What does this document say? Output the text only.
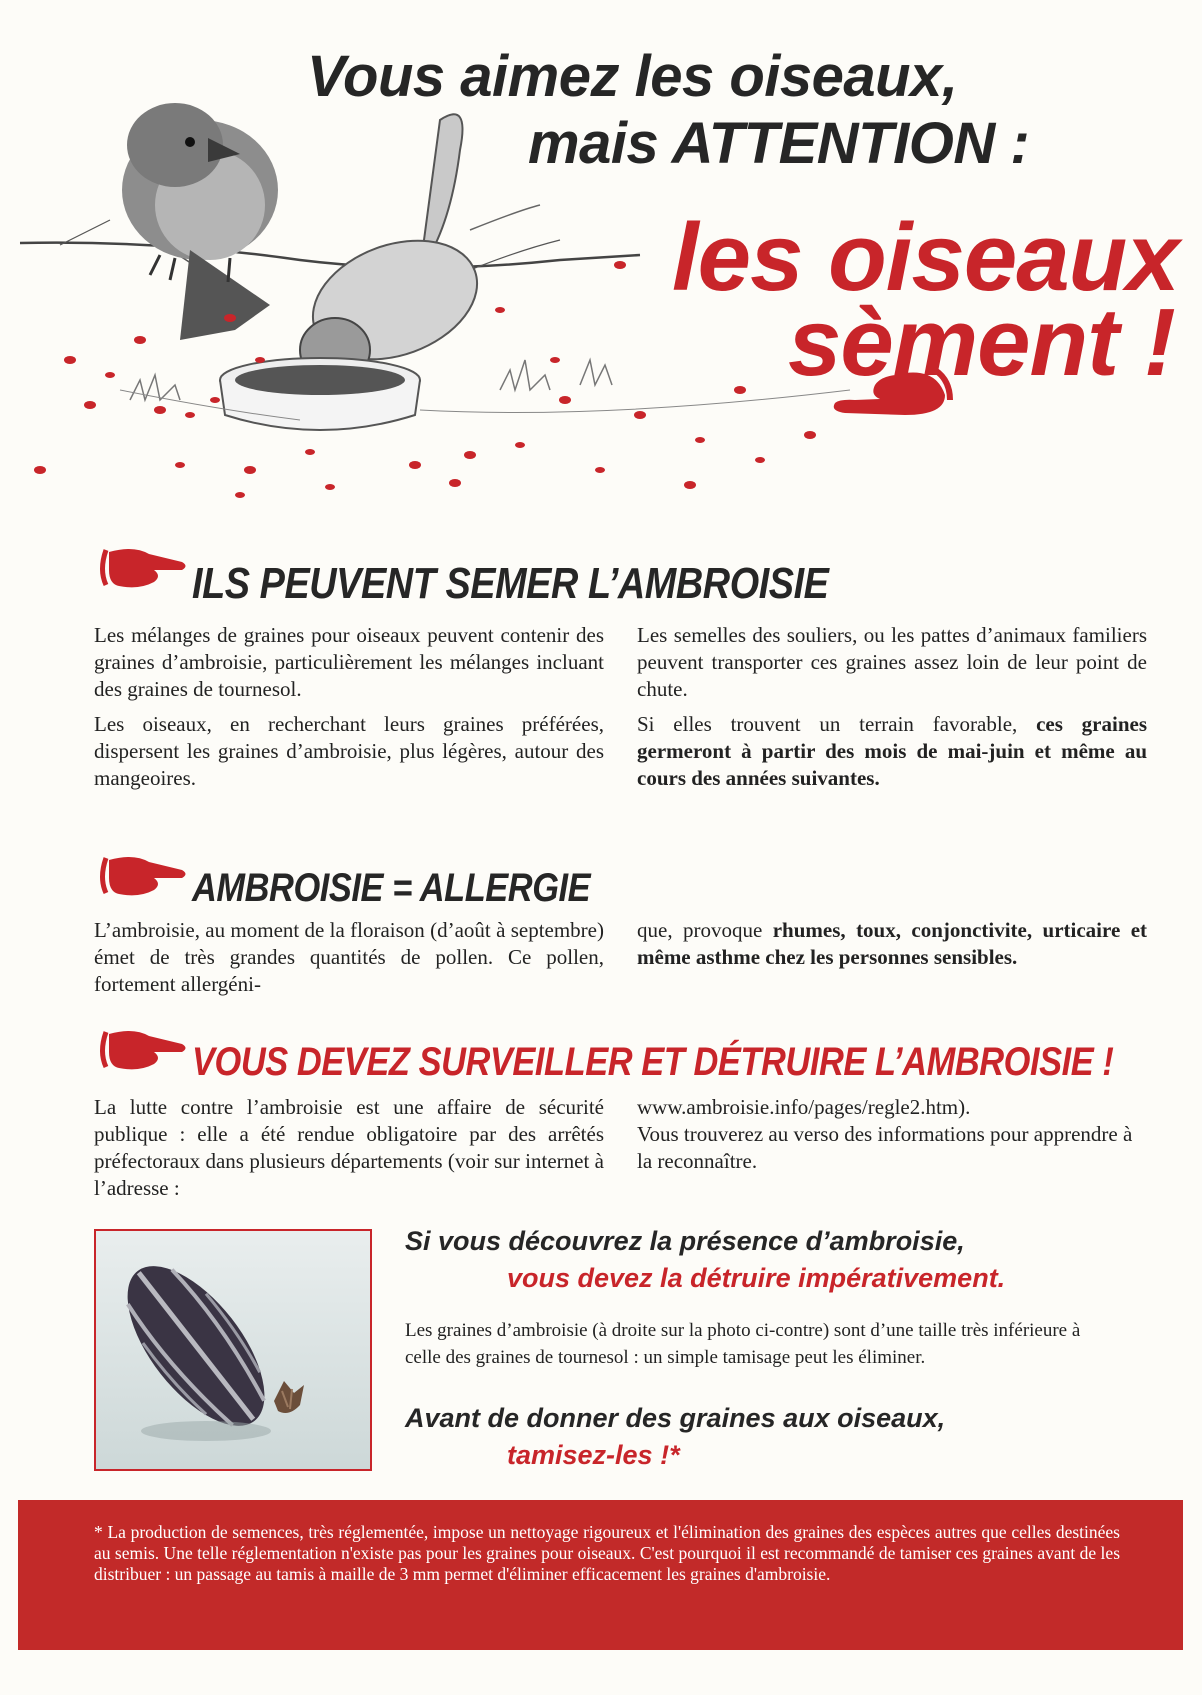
Vous aimez les oiseaux,
mais ATTENTION :
les oiseaux
sèment !
ILS PEUVENT SEMER L’AMBROISIE

Les mélanges de graines pour oiseaux peuvent contenir des graines d’ambroisie, particulièrement les mélanges incluant des graines de tournesol.

Les oiseaux, en recherchant leurs graines préférées, dispersent les graines d’ambroisie, plus légères, autour des mangeoires.

Les semelles des souliers, ou les pattes d’animaux familiers peuvent transporter ces graines assez loin de leur point de chute.

Si elles trouvent un terrain favorable, ces graines germeront à partir des mois de mai-juin et même au cours des années suivantes.

AMBROISIE = ALLERGIE

L’ambroisie, au moment de la floraison (d’août à septembre) émet de très grandes quantités de pollen. Ce pollen, fortement allergéni-

que, provoque rhumes, toux, conjonctivite, urticaire et même asthme chez les personnes sensibles.

VOUS DEVEZ SURVEILLER ET DÉTRUIRE L’AMBROISIE !

La lutte contre l’ambroisie est une affaire de sécurité publique : elle a été rendue obligatoire par des arrêtés préfectoraux dans plusieurs départements (voir sur internet à l’adresse :

www.ambroisie.info/pages/regle2.htm).

Vous trouverez au verso des informations pour apprendre à la reconnaître.

Si vous découvrez la présence d’ambroisie,
vous devez la détruire impérativement.
Les graines d’ambroisie (à droite sur la photo ci-contre) sont d’une taille très inférieure à celle des graines de tournesol : un simple tamisage peut les éliminer.
Avant de donner des graines aux oiseaux,
tamisez-les !*
* La production de semences, très réglementée, impose un nettoyage rigoureux et l'élimination des graines des espèces autres que celles destinées au semis. Une telle réglementation n'existe pas pour les graines pour oiseaux. C'est pourquoi il est recommandé de tamiser ces graines avant de les distribuer : un passage au tamis à maille de 3 mm permet d'éliminer efficacement les graines d'ambroisie.
